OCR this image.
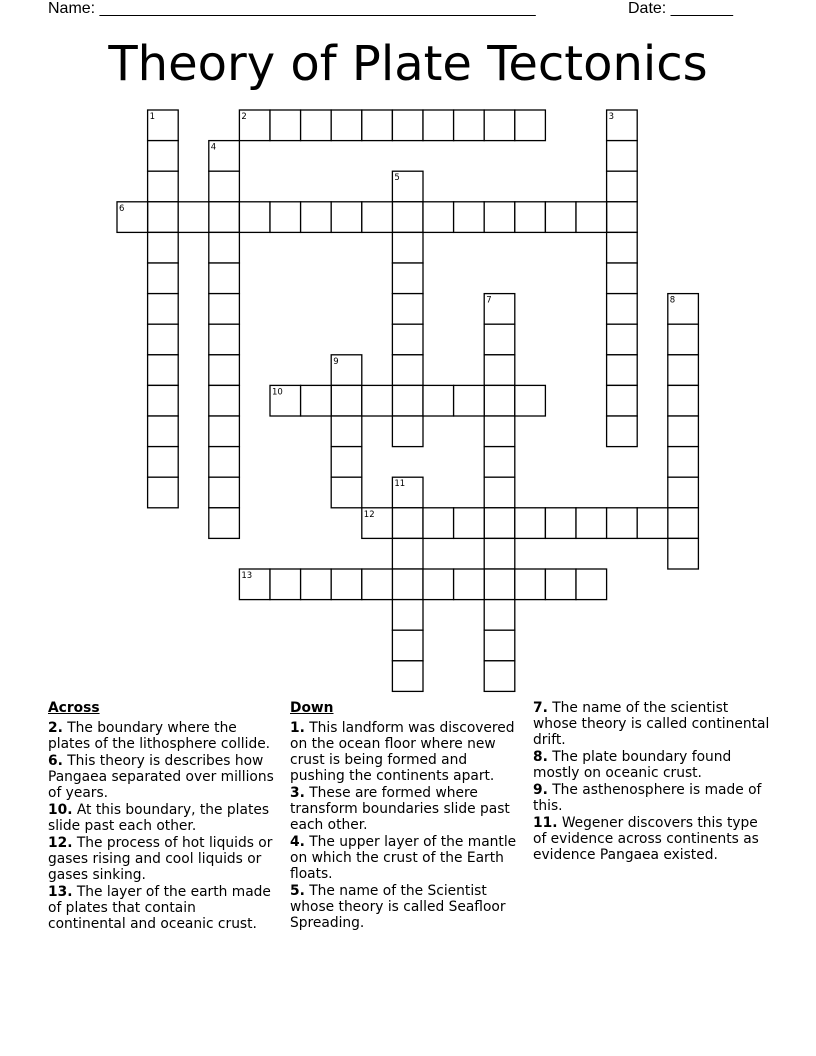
Name: _________________________________________________	Date: _______
Theory of Plate Tectonics
1	2	3
4
5
6
7	8
9
10
11
12
13
Across
2. The boundary where the plates of the lithosphere collide.
6. This theory is describes how Pangaea separated over millions of years.
10. At this boundary, the plates slide past each other.
12. The process of hot liquids or gases rising and cool liquids or gases sinking.
13. The layer of the earth made of plates that contain continental and oceanic crust.
Down
1. This landform was discovered on the ocean floor where new crust is being formed and pushing the continents apart.
3. These are formed where transform boundaries slide past each other.
4. The upper layer of the mantle on which the crust of the Earth floats.
5. The name of the Scientist whose theory is called Seafloor Spreading.
7. The name of the scientist whose theory is called continental drift.
8. The plate boundary found mostly on oceanic crust.
9. The asthenosphere is made of this.
11. Wegener discovers this type of evidence across continents as evidence Pangaea existed.
